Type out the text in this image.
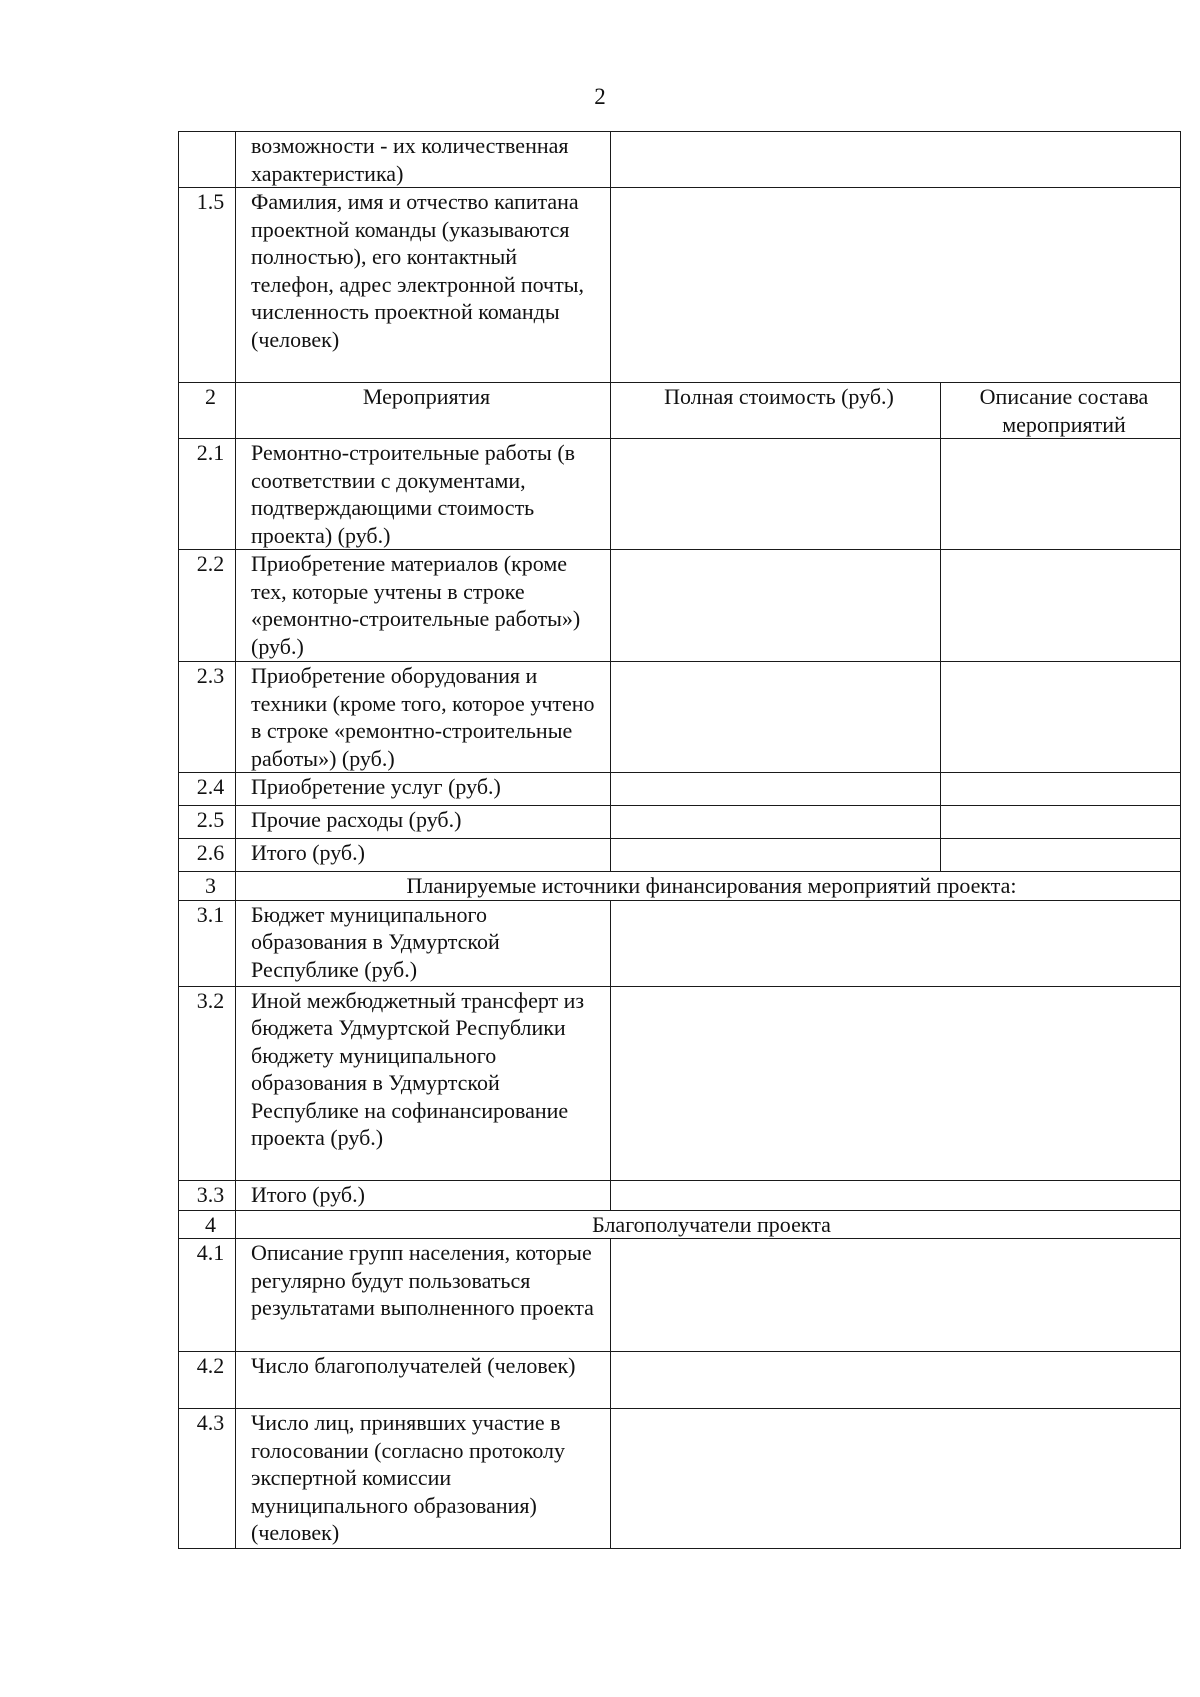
2
	возможности - их количественная характеристика)		
1.5	Фамилия, имя и отчество капитана проектной команды (указываются полностью), его контактный телефон, адрес электронной почты, численность проектной команды (человек)		
2	Мероприятия	Полная стоимость (руб.)	Описание состава мероприятий
2.1	Ремонтно-строительные работы (в соответствии с документами, подтверждающими стоимость проекта) (руб.)		
2.2	Приобретение материалов (кроме тех, которые учтены в строке «ремонтно-строительные работы») (руб.)		
2.3	Приобретение оборудования и техники (кроме того, которое учтено в строке «ремонтно-строительные работы») (руб.)		
2.4	Приобретение услуг (руб.)		
2.5	Прочие расходы (руб.)		
2.6	Итого (руб.)		
3	Планируемые источники финансирования мероприятий проекта:		
3.1	Бюджет муниципального образования в Удмуртской Республике (руб.)		
3.2	Иной межбюджетный трансферт из бюджета Удмуртской Республики бюджету муниципального образования в Удмуртской Республике на софинансирование проекта (руб.)		
3.3	Итого (руб.)		
4	Благополучатели проекта		
4.1	Описание групп населения, которые регулярно будут пользоваться результатами выполненного проекта		
4.2	Число благополучателей (человек)		
4.3	Число лиц, принявших участие в голосовании (согласно протоколу экспертной комиссии муниципального образования) (человек)		
